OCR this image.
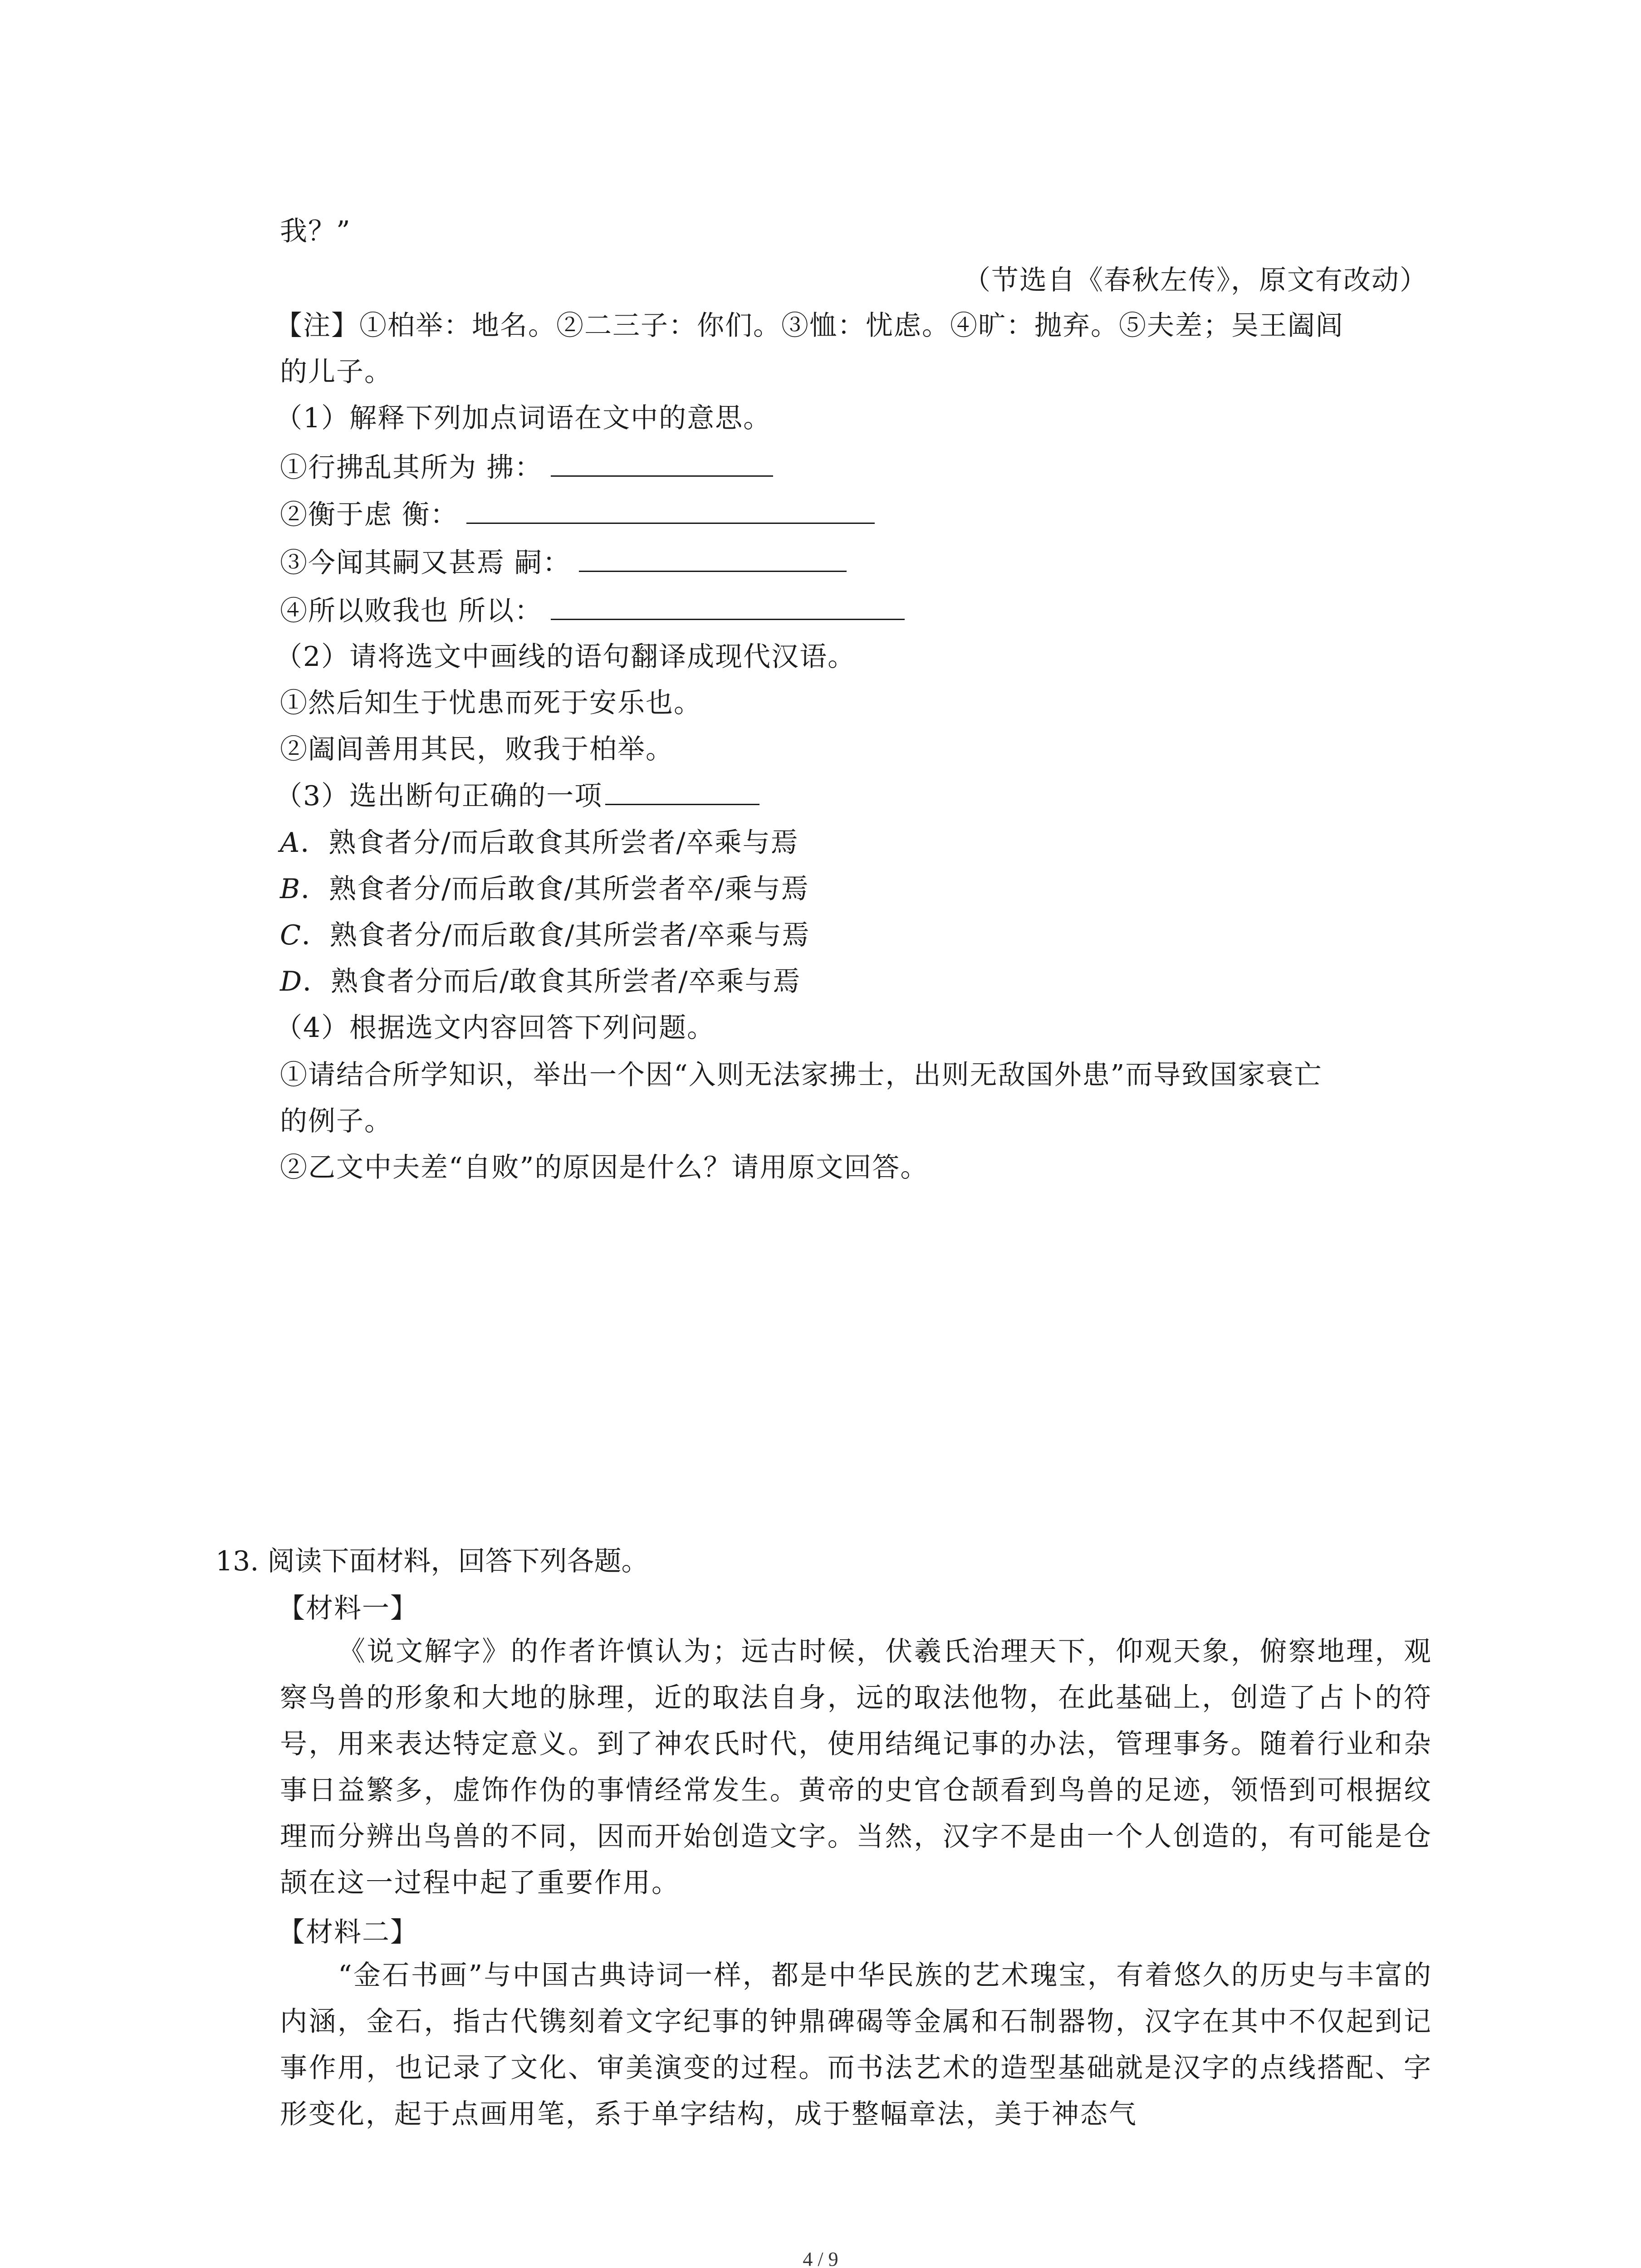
我？”
（节选自《春秋左传》，原文有改动）
【注】①柏举：地名。②二三子：你们。③恤：忧虑。④旷：抛弃。⑤夫差；吴王阖闾
的儿子。
（1）解释下列加点词语在文中的意思。
①行拂乱其所为 拂：
②衡于虑 衡：
③今闻其嗣又甚焉 嗣：
④所以败我也 所以：
（2）请将选文中画线的语句翻译成现代汉语。
①然后知生于忧患而死于安乐也。
②阖闾善用其民，败我于柏举。
（3）选出断句正确的一项
A．熟食者分/而后敢食其所尝者/卒乘与焉
B．熟食者分/而后敢食/其所尝者卒/乘与焉
C．熟食者分/而后敢食/其所尝者/卒乘与焉
D．熟食者分而后/敢食其所尝者/卒乘与焉
（4）根据选文内容回答下列问题。
①请结合所学知识，举出一个因“入则无法家拂士，出则无敌国外患”而导致国家衰亡
的例子。
②乙文中夫差“自败”的原因是什么？请用原文回答。
13. 阅读下面材料，回答下列各题。
【材料一】

《说文解字》的作者许慎认为；远古时候，伏羲氏治理天下，仰观天象，俯察地理，观察鸟兽的形象和大地的脉理，近的取法自身，远的取法他物，在此基础上，创造了占卜的符号，用来表达特定意义。到了神农氏时代，使用结绳记事的办法，管理事务。随着行业和杂事日益繁多，虚饰作伪的事情经常发生。黄帝的史官仓颉看到鸟兽的足迹，领悟到可根据纹理而分辨出鸟兽的不同，因而开始创造文字。当然，汉字不是由一个人创造的，有可能是仓颉在这一过程中起了重要作用。

【材料二】

“金石书画”与中国古典诗词一样，都是中华民族的艺术瑰宝，有着悠久的历史与丰富的内涵，金石，指古代镌刻着文字纪事的钟鼎碑碣等金属和石制器物，汉字在其中不仅起到记事作用，也记录了文化、审美演变的过程。而书法艺术的造型基础就是汉字的点线搭配、字形变化，起于点画用笔，系于单字结构，成于整幅章法，美于神态气

4 / 9
